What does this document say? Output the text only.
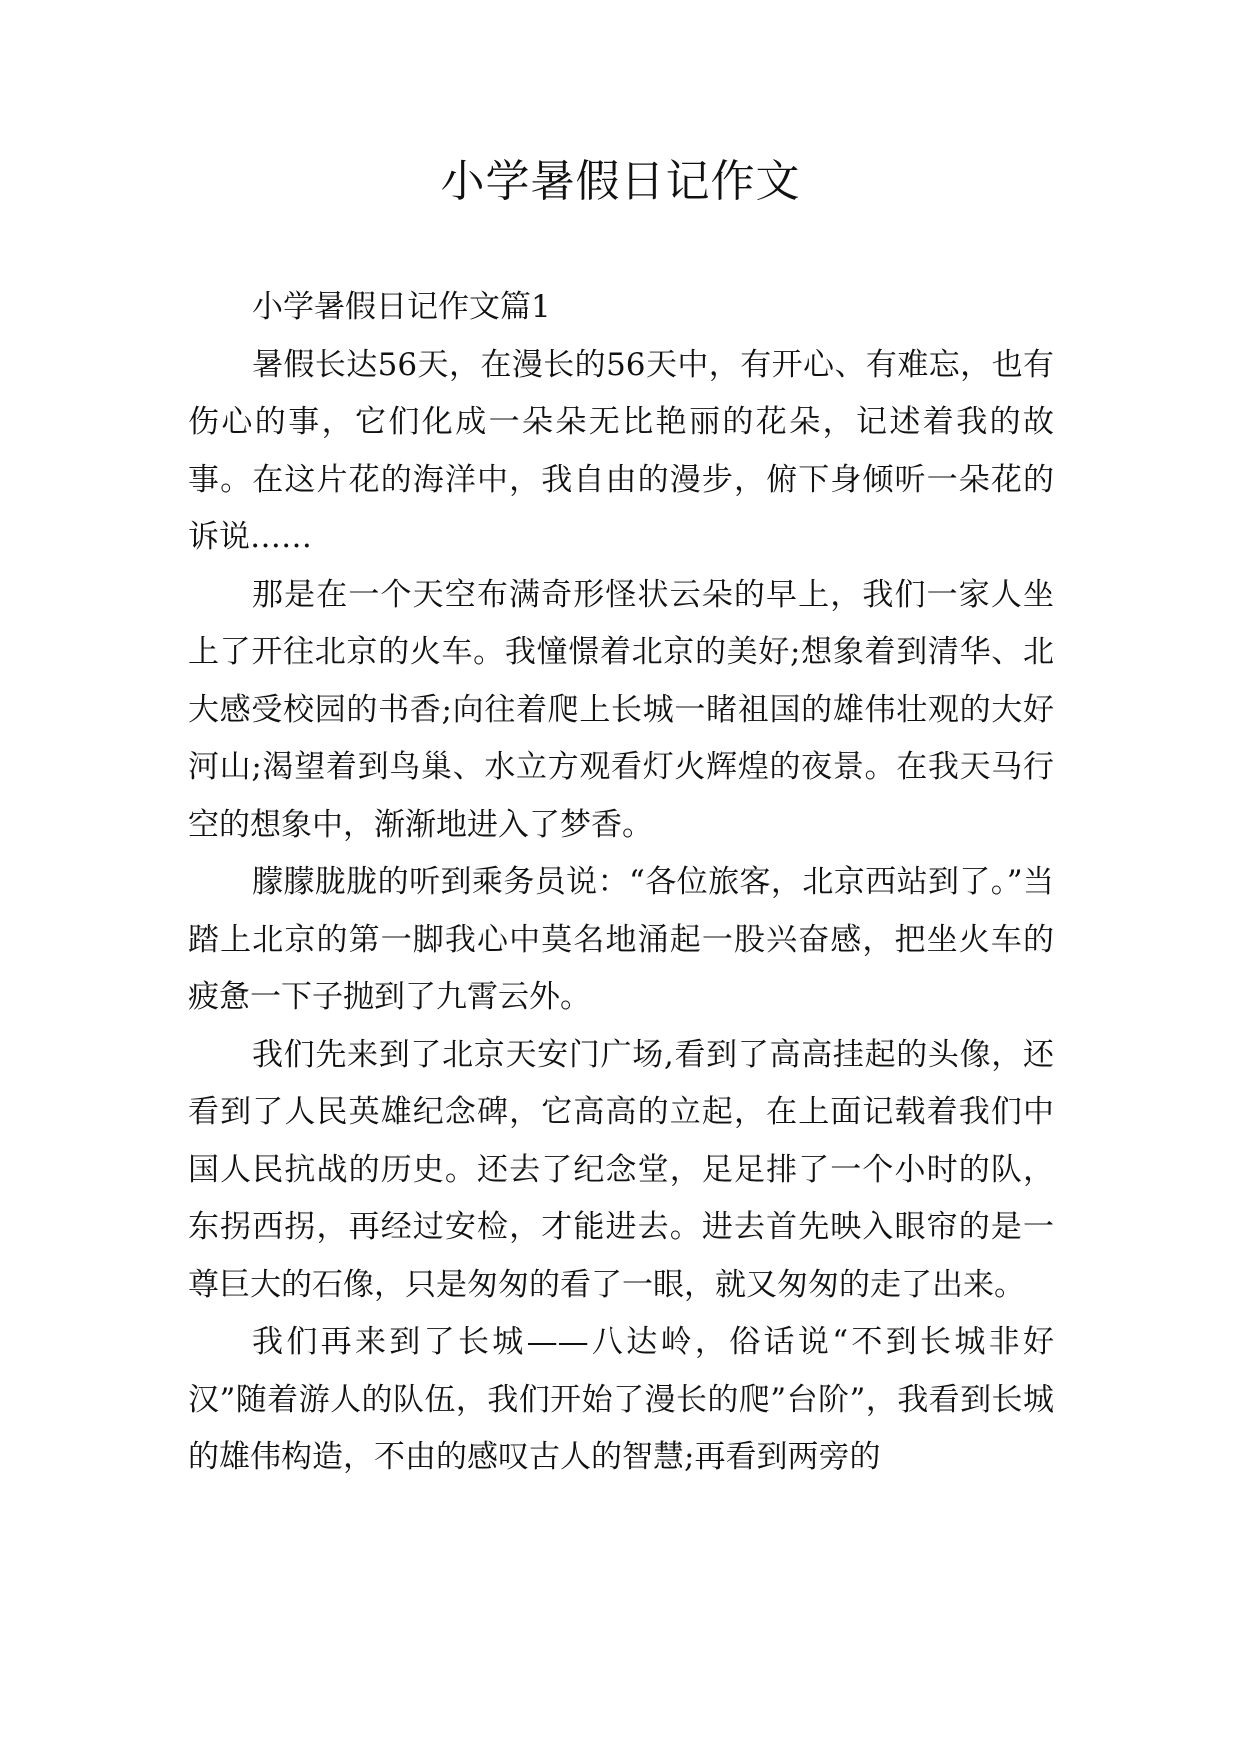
小学暑假日记作文

小学暑假日记作文篇1

暑假长达56天，在漫长的56天中，有开心、有难忘，也有伤心的事，它们化成一朵朵无比艳丽的花朵，记述着我的故事。在这片花的海洋中，我自由的漫步，俯下身倾听一朵花的诉说……

那是在一个天空布满奇形怪状云朵的早上，我们一家人坐上了开往北京的火车。我憧憬着北京的美好;想象着到清华、北大感受校园的书香;向往着爬上长城一睹祖国的雄伟壮观的大好河山;渴望着到鸟巢、水立方观看灯火辉煌的夜景。在我天马行空的想象中，渐渐地进入了梦香。

朦朦胧胧的听到乘务员说：“各位旅客，北京西站到了。”当踏上北京的第一脚我心中莫名地涌起一股兴奋感，把坐火车的疲惫一下子抛到了九霄云外。

我们先来到了北京天安门广场,看到了高高挂起的头像，还看到了人民英雄纪念碑，它高高的立起，在上面记载着我们中国人民抗战的历史。还去了纪念堂，足足排了一个小时的队，东拐西拐，再经过安检，才能进去。进去首先映入眼帘的是一尊巨大的石像，只是匆匆的看了一眼，就又匆匆的走了出来。

我们再来到了长城——八达岭，俗话说“不到长城非好汉”随着游人的队伍，我们开始了漫长的爬”台阶”，我看到长城的雄伟构造，不由的感叹古人的智慧;再看到两旁的
